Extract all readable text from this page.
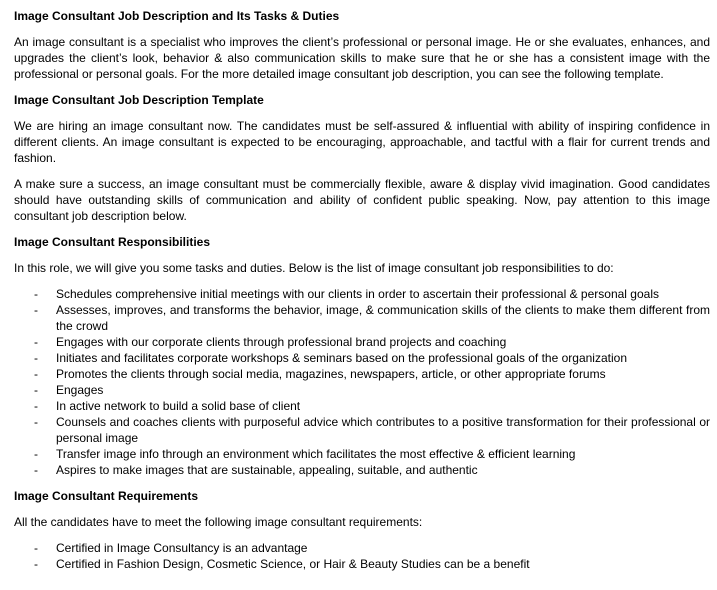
Image Consultant Job Description and Its Tasks & Duties

An image consultant is a specialist who improves the client’s professional or personal image. He or she evaluates, enhances, and upgrades the client’s look, behavior & also communication skills to make sure that he or she has a consistent image with the professional or personal goals. For the more detailed image consultant job description, you can see the following template.

Image Consultant Job Description Template

We are hiring an image consultant now. The candidates must be self-assured & influential with ability of inspiring confidence in different clients. An image consultant is expected to be encouraging, approachable, and tactful with a flair for current trends and fashion.

A make sure a success, an image consultant must be commercially flexible, aware & display vivid imagination. Good candidates should have outstanding skills of communication and ability of confident public speaking. Now, pay attention to this image consultant job description below.

Image Consultant Responsibilities

In this role, we will give you some tasks and duties. Below is the list of image consultant job responsibilities to do:

- Schedules comprehensive initial meetings with our clients in order to ascertain their professional & personal goals
- Assesses, improves, and transforms the behavior, image, & communication skills of the clients to make them different from the crowd
- Engages with our corporate clients through professional brand projects and coaching
- Initiates and facilitates corporate workshops & seminars based on the professional goals of the organization
- Promotes the clients through social media, magazines, newspapers, article, or other appropriate forums
- Engages
- In active network to build a solid base of client
- Counsels and coaches clients with purposeful advice which contributes to a positive transformation for their professional or personal image
- Transfer image info through an environment which facilitates the most effective & efficient learning
- Aspires to make images that are sustainable, appealing, suitable, and authentic
Image Consultant Requirements

All the candidates have to meet the following image consultant requirements:

- Certified in Image Consultancy is an advantage
- Certified in Fashion Design, Cosmetic Science, or Hair & Beauty Studies can be a benefit
